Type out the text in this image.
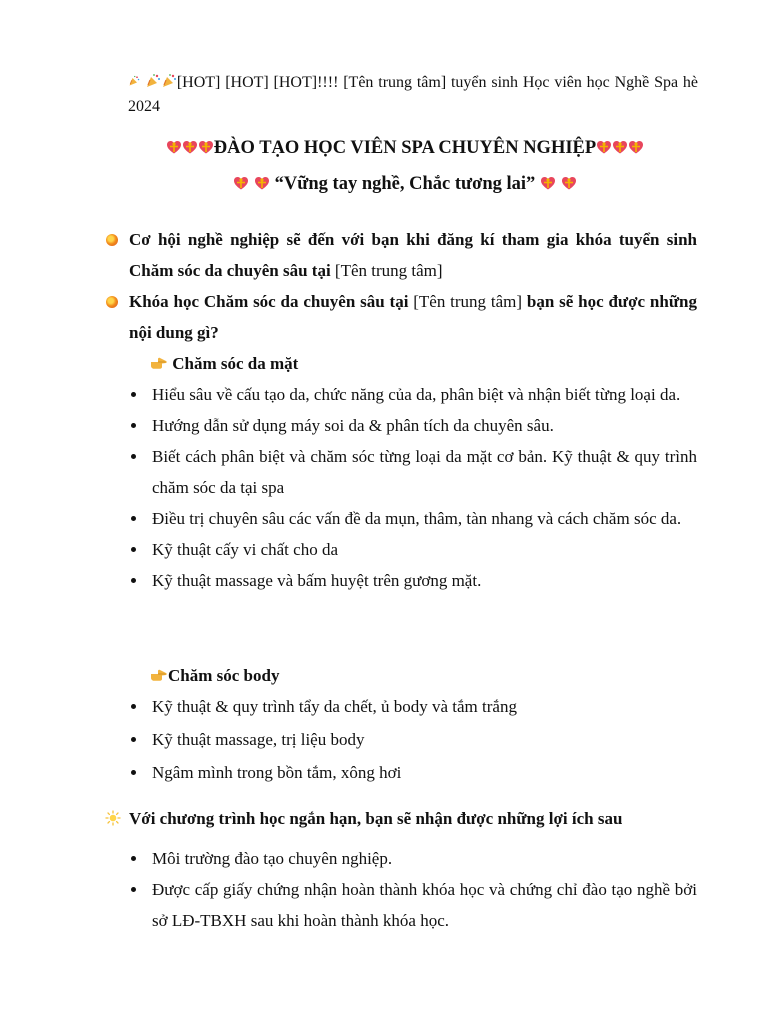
[HOT] [HOT] [HOT]!!!! [Tên trung tâm] tuyển sinh Học viên học Nghề Spa hè 2024
ĐÀO TẠO HỌC VIÊN SPA CHUYÊN NGHIỆP
“Vững tay nghề, Chắc tương lai”
Cơ hội nghề nghiệp sẽ đến với bạn khi đăng kí tham gia khóa tuyển sinh Chăm sóc da chuyên sâu tại [Tên trung tâm]
Khóa học Chăm sóc da chuyên sâu tại [Tên trung tâm] bạn sẽ học được những nội dung gì?
Chăm sóc da mặt
Hiểu sâu về cấu tạo da, chức năng của da, phân biệt và nhận biết từng loại da.
Hướng dẫn sử dụng máy soi da & phân tích da chuyên sâu.
Biết cách phân biệt và chăm sóc từng loại da mặt cơ bản. Kỹ thuật & quy trình chăm sóc da tại spa
Điều trị chuyên sâu các vấn đề da mụn, thâm, tàn nhang và cách chăm sóc da.
Kỹ thuật cấy vi chất cho da
Kỹ thuật massage và bấm huyệt trên gương mặt.
Chăm sóc body
Kỹ thuật & quy trình tẩy da chết, ủ body và tắm trắng
Kỹ thuật massage, trị liệu body
Ngâm mình trong bồn tắm, xông hơi
Với chương trình học ngắn hạn, bạn sẽ nhận được những lợi ích sau
Môi trường đào tạo chuyên nghiệp.
Được cấp giấy chứng nhận hoàn thành khóa học và chứng chỉ đào tạo nghề bởi sở LĐ-TBXH sau khi hoàn thành khóa học.
